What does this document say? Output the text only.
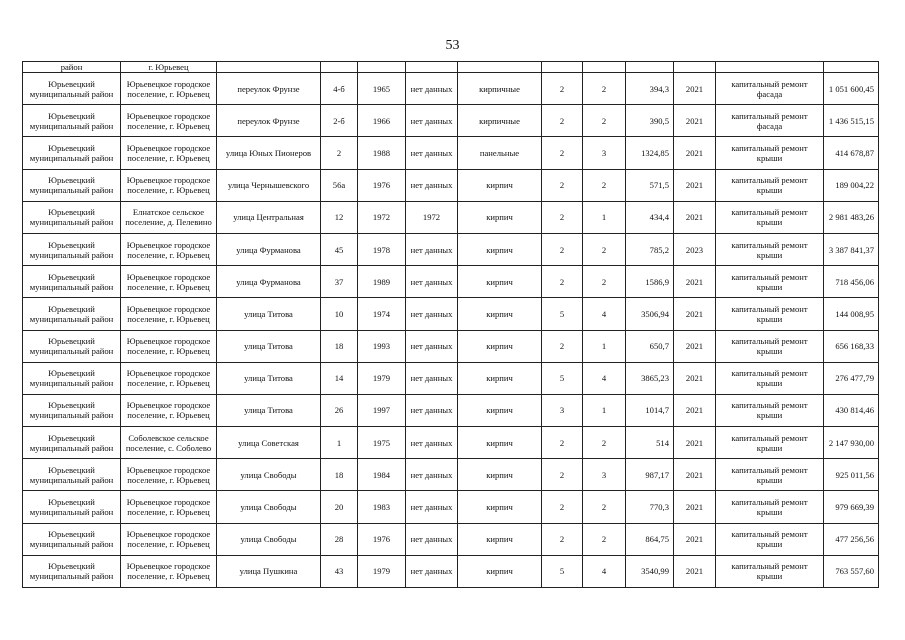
53
район	г. Юрьевец											
Юрьевецкий муниципальный район	Юрьевецкое городское поселение, г. Юрьевец	переулок Фрунзе	4-б	1965	нет данных	кирпичные	2	2	394,3	2021	капитальный ремонт фасада	1 051 600,45
Юрьевецкий муниципальный район	Юрьевецкое городское поселение, г. Юрьевец	переулок Фрунзе	2-б	1966	нет данных	кирпичные	2	2	390,5	2021	капитальный ремонт фасада	1 436 515,15
Юрьевецкий муниципальный район	Юрьевецкое городское поселение, г. Юрьевец	улица Юных Пионеров	2	1988	нет данных	панельные	2	3	1324,85	2021	капитальный ремонт крыши	414 678,87
Юрьевецкий муниципальный район	Юрьевецкое городское поселение, г. Юрьевец	улица Чернышевского	56а	1976	нет данных	кирпич	2	2	571,5	2021	капитальный ремонт крыши	189 004,22
Юрьевецкий муниципальный район	Елнатское сельское поселение, д. Пелевино	улица Центральная	12	1972	1972	кирпич	2	1	434,4	2021	капитальный ремонт крыши	2 981 483,26
Юрьевецкий муниципальный район	Юрьевецкое городское поселение, г. Юрьевец	улица Фурманова	45	1978	нет данных	кирпич	2	2	785,2	2023	капитальный ремонт крыши	3 387 841,37
Юрьевецкий муниципальный район	Юрьевецкое городское поселение, г. Юрьевец	улица Фурманова	37	1989	нет данных	кирпич	2	2	1586,9	2021	капитальный ремонт крыши	718 456,06
Юрьевецкий муниципальный район	Юрьевецкое городское поселение, г. Юрьевец	улица Титова	10	1974	нет данных	кирпич	5	4	3506,94	2021	капитальный ремонт крыши	144 008,95
Юрьевецкий муниципальный район	Юрьевецкое городское поселение, г. Юрьевец	улица Титова	18	1993	нет данных	кирпич	2	1	650,7	2021	капитальный ремонт крыши	656 168,33
Юрьевецкий муниципальный район	Юрьевецкое городское поселение, г. Юрьевец	улица Титова	14	1979	нет данных	кирпич	5	4	3865,23	2021	капитальный ремонт крыши	276 477,79
Юрьевецкий муниципальный район	Юрьевецкое городское поселение, г. Юрьевец	улица Титова	26	1997	нет данных	кирпич	3	1	1014,7	2021	капитальный ремонт крыши	430 814,46
Юрьевецкий муниципальный район	Соболевское сельское поселение, с. Соболево	улица Советская	1	1975	нет данных	кирпич	2	2	514	2021	капитальный ремонт крыши	2 147 930,00
Юрьевецкий муниципальный район	Юрьевецкое городское поселение, г. Юрьевец	улица Свободы	18	1984	нет данных	кирпич	2	3	987,17	2021	капитальный ремонт крыши	925 011,56
Юрьевецкий муниципальный район	Юрьевецкое городское поселение, г. Юрьевец	улица Свободы	20	1983	нет данных	кирпич	2	2	770,3	2021	капитальный ремонт крыши	979 669,39
Юрьевецкий муниципальный район	Юрьевецкое городское поселение, г. Юрьевец	улица Свободы	28	1976	нет данных	кирпич	2	2	864,75	2021	капитальный ремонт крыши	477 256,56
Юрьевецкий муниципальный район	Юрьевецкое городское поселение, г. Юрьевец	улица Пушкина	43	1979	нет данных	кирпич	5	4	3540,99	2021	капитальный ремонт крыши	763 557,60
